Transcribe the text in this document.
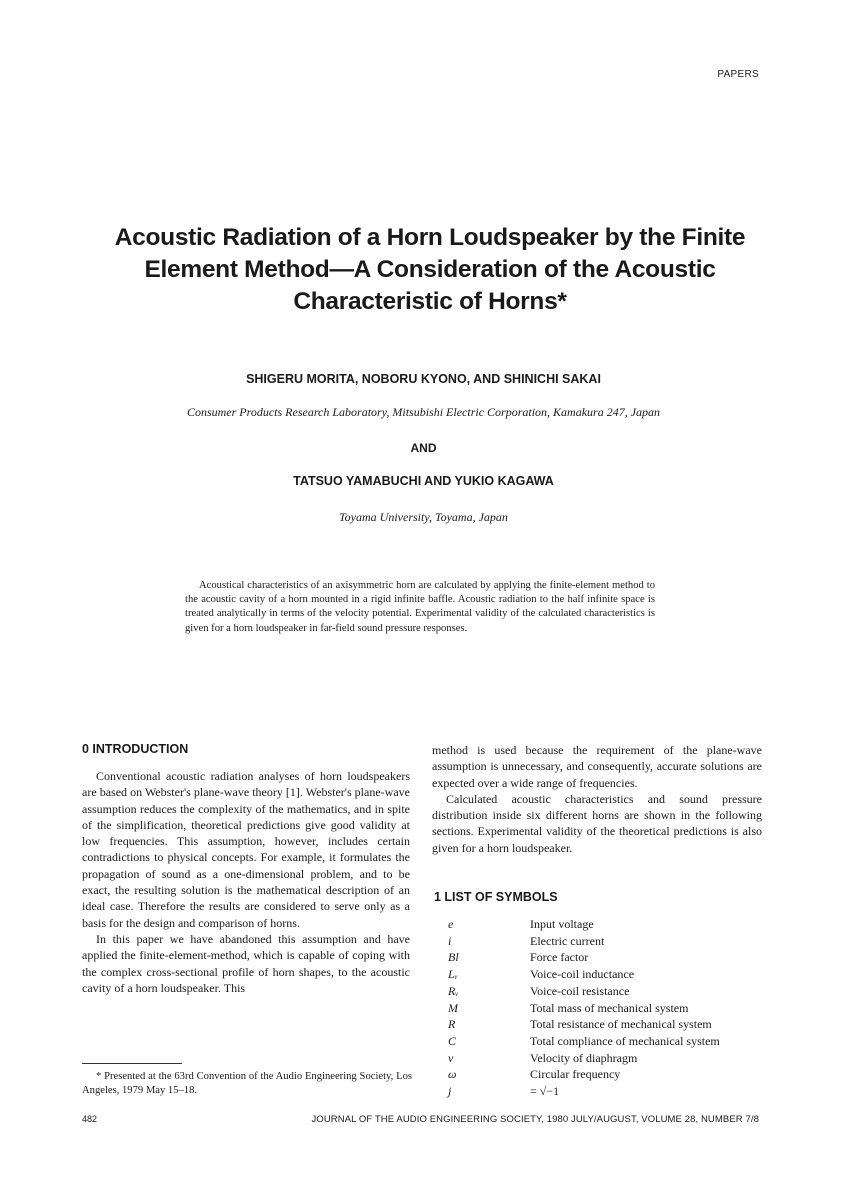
PAPERS
Acoustic Radiation of a Horn Loudspeaker by the Finite
Element Method—A Consideration of the Acoustic
Characteristic of Horns*
SHIGERU MORITA, NOBORU KYONO, AND SHINICHI SAKAI
Consumer Products Research Laboratory, Mitsubishi Electric Corporation, Kamakura 247, Japan
AND
TATSUO YAMABUCHI AND YUKIO KAGAWA
Toyama University, Toyama, Japan
Acoustical characteristics of an axisymmetric horn are calculated by applying the finite-element method to the acoustic cavity of a horn mounted in a rigid infinite baffle. Acoustic radiation to the half infinite space is treated analytically in terms of the velocity potential. Experimental validity of the calculated characteristics is given for a horn loudspeaker in far-field sound pressure responses.
0 INTRODUCTION

Conventional acoustic radiation analyses of horn loudspeakers are based on Webster's plane-wave theory [1]. Webster's plane-wave assumption reduces the complexity of the mathematics, and in spite of the simplification, theoretical predictions give good validity at low frequencies. This assumption, however, includes certain contradictions to physical concepts. For example, it formulates the propagation of sound as a one-dimensional problem, and to be exact, the resulting solution is the mathematical description of an ideal case. Therefore the results are considered to serve only as a basis for the design and comparison of horns.

In this paper we have abandoned this assumption and have applied the finite-element-method, which is capable of coping with the complex cross-sectional profile of horn shapes, to the acoustic cavity of a horn loudspeaker. This

method is used because the requirement of the plane-wave assumption is unnecessary, and consequently, accurate solutions are expected over a wide range of frequencies.

Calculated acoustic characteristics and sound pressure distribution inside six different horns are shown in the following sections. Experimental validity of the theoretical predictions is also given for a horn loudspeaker.

* Presented at the 63rd Convention of the Audio Engineering Society, Los Angeles, 1979 May 15–18.
1 LIST OF SYMBOLS
e	Input voltage
i	Electric current
Bl	Force factor
Lᵥ	Voice-coil inductance
Rᵥ	Voice-coil resistance
M	Total mass of mechanical system
R	Total resistance of mechanical system
C	Total compliance of mechanical system
v	Velocity of diaphragm
ω	Circular frequency
j	= √−1
482	JOURNAL OF THE AUDIO ENGINEERING SOCIETY, 1980 JULY/AUGUST, VOLUME 28, NUMBER 7/8
